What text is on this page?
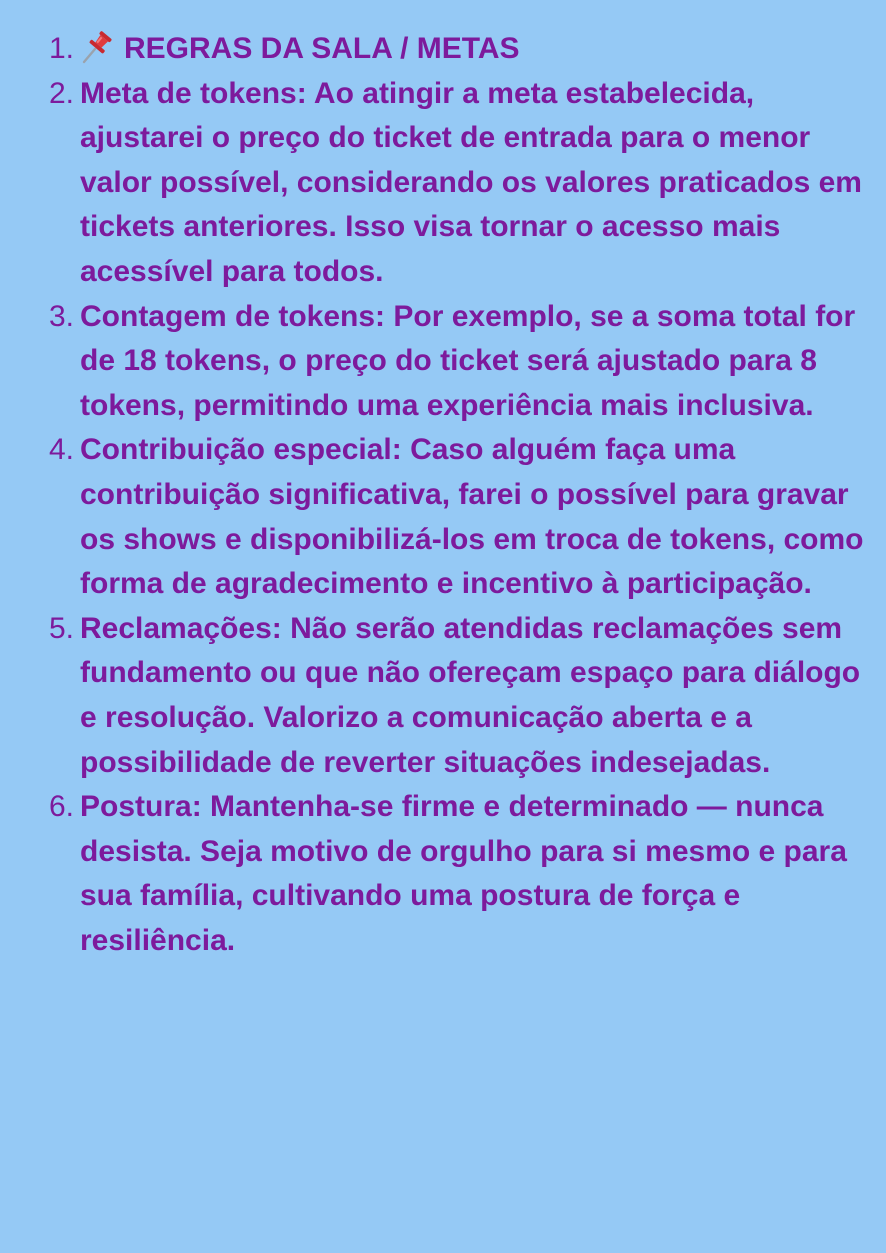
1. REGRAS DA SALA / METAS
2. Meta de tokens: Ao atingir a meta estabelecida, ajustarei o preço do ticket de entrada para o menor valor possível, considerando os valores praticados em tickets anteriores. Isso visa tornar o acesso mais acessível para todos.
3. Contagem de tokens: Por exemplo, se a soma total for de 18 tokens, o preço do ticket será ajustado para 8 tokens, permitindo uma experiência mais inclusiva.
4. Contribuição especial: Caso alguém faça uma contribuição significativa, farei o possível para gravar os shows e disponibilizá-los em troca de tokens, como forma de agradecimento e incentivo à participação.
5. Reclamações: Não serão atendidas reclamações sem fundamento ou que não ofereçam espaço para diálogo e resolução. Valorizo a comunicação aberta e a possibilidade de reverter situações indesejadas.
6. Postura: Mantenha-se firme e determinado — nunca desista. Seja motivo de orgulho para si mesmo e para sua família, cultivando uma postura de força e resiliência.
